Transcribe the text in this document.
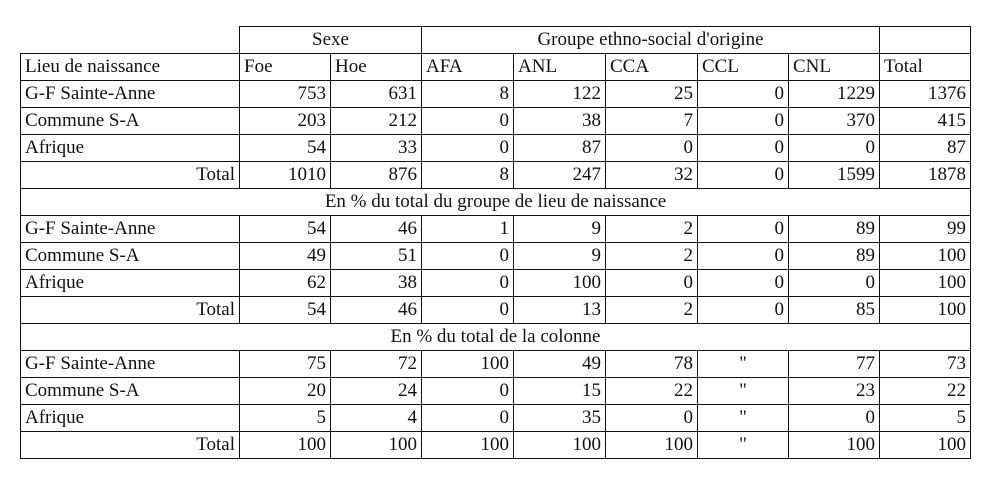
	Sexe		Groupe ethno-social d'origine					
Lieu de naissance	Foe	Hoe	AFA	ANL	CCA	CCL	CNL	Total
G-F Sainte-Anne	753	631	8	122	25	0	1229	1376
Commune S-A	203	212	0	38	7	0	370	415
Afrique	54	33	0	87	0	0	0	87
Total	1010	876	8	247	32	0	1599	1878
En % du total du groupe de lieu de naissance								
G-F Sainte-Anne	54	46	1	9	2	0	89	99
Commune S-A	49	51	0	9	2	0	89	100
Afrique	62	38	0	100	0	0	0	100
Total	54	46	0	13	2	0	85	100
En % du total de la colonne								
G-F Sainte-Anne	75	72	100	49	78	"	77	73
Commune S-A	20	24	0	15	22	"	23	22
Afrique	5	4	0	35	0	"	0	5
Total	100	100	100	100	100	"	100	100
